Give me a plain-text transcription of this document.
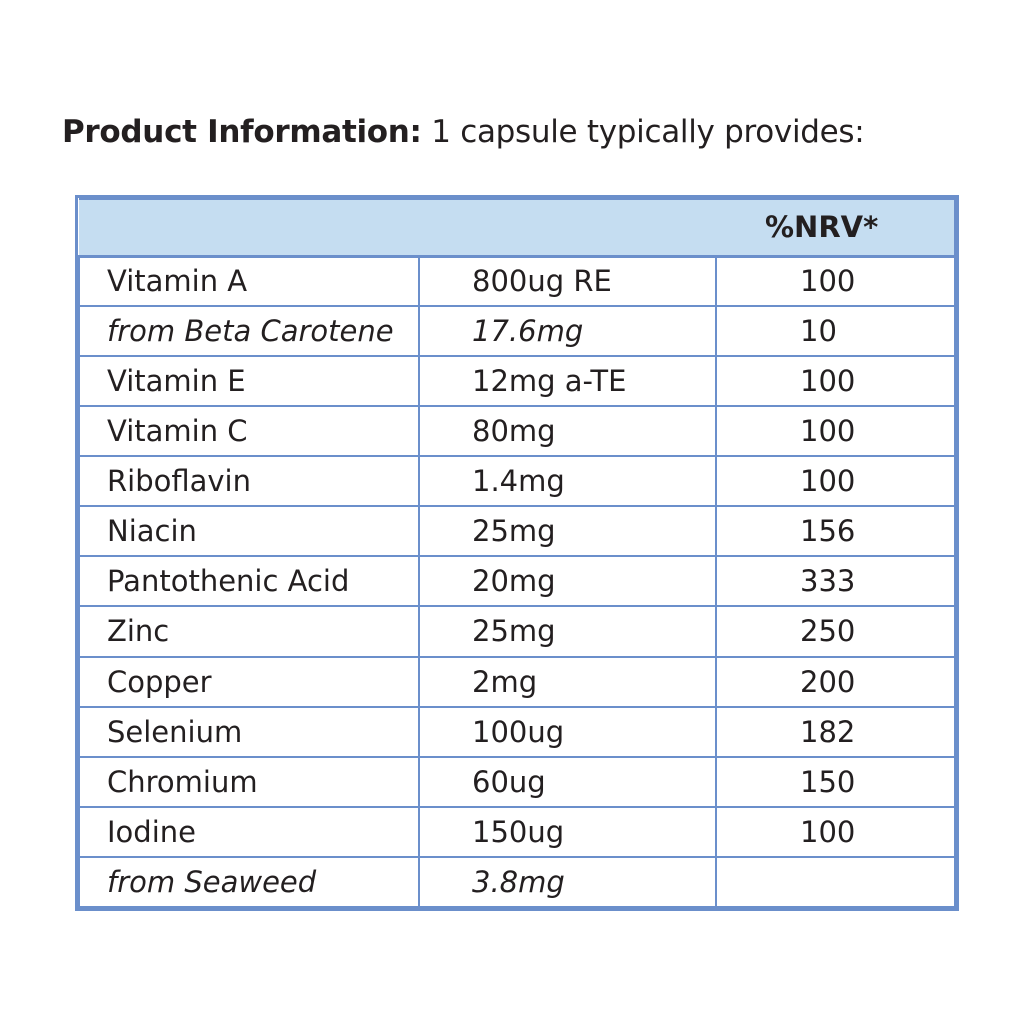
Product Information: 1 capsule typically provides:
		%NRV*
Vitamin A	800ug RE	100
from Beta Carotene	17.6mg	10
Vitamin E	12mg a-TE	100
Vitamin C	80mg	100
Riboflavin	1.4mg	100
Niacin	25mg	156
Pantothenic Acid	20mg	333
Zinc	25mg	250
Copper	2mg	200
Selenium	100ug	182
Chromium	60ug	150
Iodine	150ug	100
from Seaweed	3.8mg	
